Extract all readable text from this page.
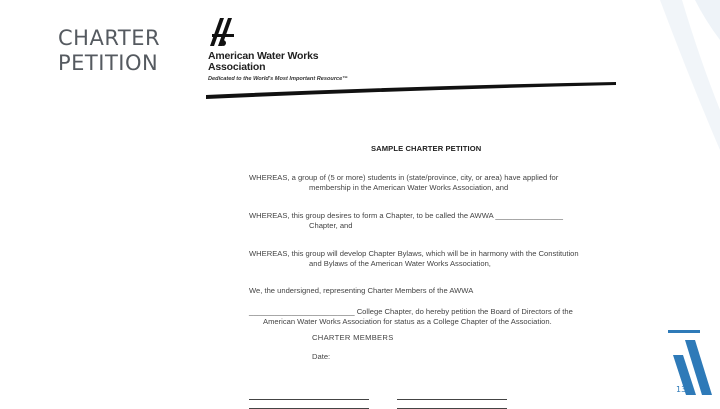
CHARTER
PETITION	American Water Works
Association
Dedicated to the World's Most Important Resource™
SAMPLE CHARTER PETITION
WHEREAS, a group of (5 or more) students in (state/province, city, or area) have applied for
membership in the American Water Works Association, and
WHEREAS, this group desires to form a Chapter, to be called the AWWA ________________
Chapter, and
WHEREAS, this group will develop Chapter Bylaws, which will be in harmony with the Constitution
and Bylaws of the American Water Works Association,
We, the undersigned, representing Charter Members of the AWWA
_________________________ College Chapter, do hereby petition the Board of Directors of the
American Water Works Association for status as a College Chapter of the Association.
CHARTER MEMBERS
Date:
13
